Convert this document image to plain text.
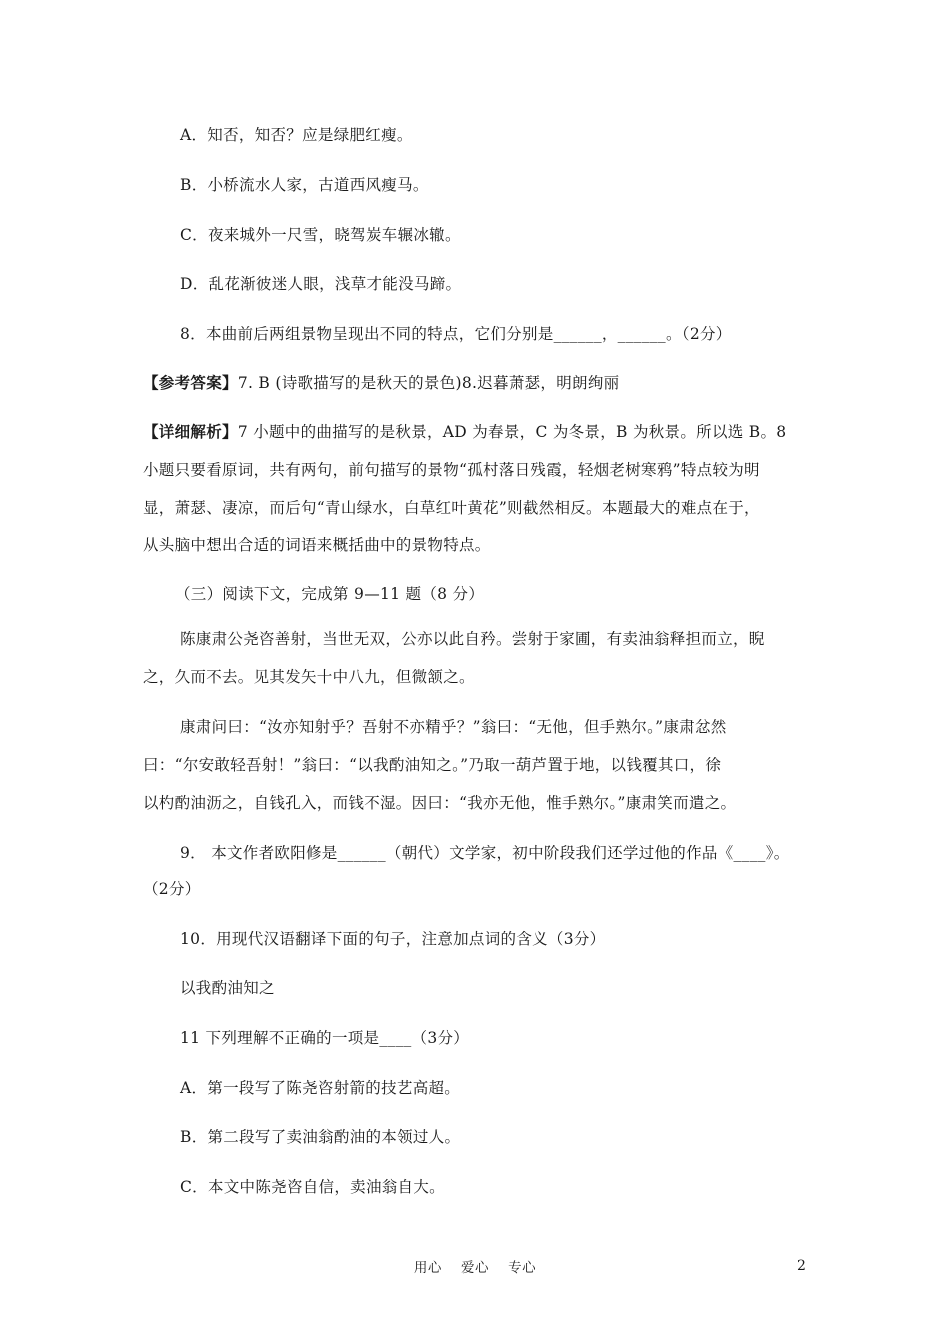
A．知否，知否？应是绿肥红瘦。
B．小桥流水人家，古道西风瘦马。
C．夜来城外一尺雪，晓驾炭车辗冰辙。
D．乱花渐彼迷人眼，浅草才能没马蹄。
8．本曲前后两组景物呈现出不同的特点，它们分别是______，______。（2分）
【参考答案】7. B (诗歌描写的是秋天的景色)8.迟暮萧瑟，明朗绚丽
【详细解析】7 小题中的曲描写的是秋景，AD 为春景，C 为冬景，B 为秋景。所以选 B。8
小题只要看原词，共有两句，前句描写的景物“孤村落日残霞，轻烟老树寒鸦”特点较为明
显，萧瑟、凄凉，而后句“青山绿水，白草红叶黄花”则截然相反。本题最大的难点在于，
从头脑中想出合适的词语来概括曲中的景物特点。
（三）阅读下文，完成第 9—11 题（8 分）
陈康肃公尧咨善射，当世无双，公亦以此自矜。尝射于家圃，有卖油翁释担而立，睨
之，久而不去。见其发矢十中八九，但微颔之。
康肃问曰：“汝亦知射乎？吾射不亦精乎？”翁曰：“无他，但手熟尔。”康肃忿然
曰：“尔安敢轻吾射！”翁曰：“以我酌油知之。”乃取一葫芦置于地，以钱覆其口，徐
以杓酌油沥之，自钱孔入，而钱不湿。因曰：“我亦无他，惟手熟尔。”康肃笑而遣之。
9． 本文作者欧阳修是______（朝代）文学家，初中阶段我们还学过他的作品《____》。
（2分）
10．用现代汉语翻译下面的句子，注意加点词的含义（3分）
以我酌油知之
11 下列理解不正确的一项是____（3分）
A．第一段写了陈尧咨射箭的技艺高超。
B．第二段写了卖油翁酌油的本领过人。
C．本文中陈尧咨自信，卖油翁自大。
用心    爱心    专心	2
